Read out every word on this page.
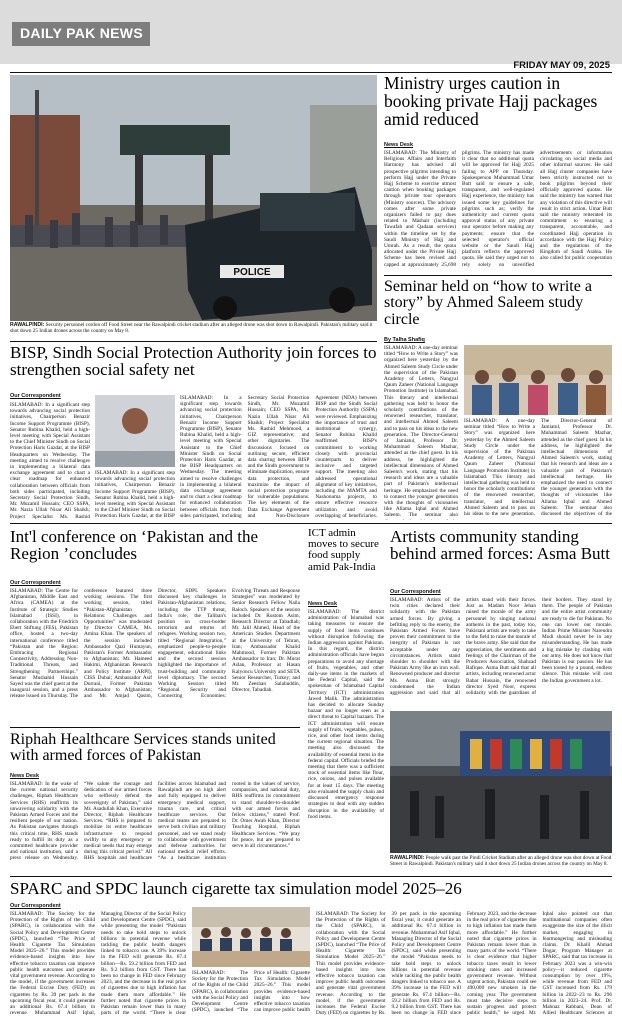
DAILY PAK NEWS
FRIDAY MAY 09, 2025
POLICE
RAWALPINDI: Security personnel cordon off Food Street near the Rawalpindi cricket stadium after an alleged drone was shot down in Rawalpindi. Pakistan's military said it shot down 25 Indian drones across the country on May 8.
Ministry urges caution in booking private Hajj packages amid reduced
News Desk
ISLAMABAD: The Ministry of Religious Affairs and Interfaith Harmony has advised all prospective pilgrims intending to perform Hajj under the Private Hajj Scheme to exercise utmost caution when booking packages through private tour operators (Ministry sources). The advisory comes after some private organizers failed to pay dues related to Mashair (including Tawafah and Qadaan services) within the timeline set by the Saudi Ministry of Hajj and Umrah. As a result, the quota allocated under the Private Hajj Scheme has been revised and capped at approximately 25,698 pilgrims. The ministry has made it clear that no additional quota will be approved for Hajj 2025 failing to APP on Thursday. Spokesperson Muhammad Umar Butt said to ensure a safe, transparent, and well-regulated Hajj experience, the ministry has issued some key guidelines for pilgrims such as; verify the authenticity and current quota approval status of any private tour operator before making any payments; ensure that the selected operator's official website or the Saudi Hajj platform reflects the approved quota. He said they urged not to rely solely on unverified advertisements or information circulating on social media and other informal sources. He said all Hajj cluster companies have been strictly instructed not to book pilgrims beyond their officially approved quotas. He said the ministry has warned that any violation of this directive will result in strict action. Umar Butt said the ministry reiterated its commitment to ensuring a transparent, accountable, and coordinated Hajj operation in accordance with the Hajj Policy and the regulations of the Kingdom of Saudi Arabia. He also called for public cooperation
Seminar held on “how to write a story” by Ahmed Saleem study circle
By Talha Shafiq
ISLAMABAD: A one-day seminar titled “How to Write a Story” was organized here yesterday by the Ahmed Saleem Study Circle under the supervision of the Pakistan Academy of Letters, Nangyal Qaum Zaheer (National Language Promotion Institute) in Islamabad. This literary and intellectual gathering was held to honor the scholarly contributions of the renowned researcher, translator, and intellectual Ahmed Saleem and to pass on his ideas to the new generation. The Director-General of Jamiatul, Professor Dr. Muhammad Saleem Mazhar, attended as the chief guest. In his address, he highlighted the intellectual dimensions of Ahmed Saleem's work, stating that his research and ideas are a valuable part of Pakistan's intellectual heritage. He emphasized the need to connect the younger generation with the thoughts of visionaries like Allama Iqbal and Ahmed Saleem. The seminar also
ISLAMABAD: A one-day seminar titled “How to Write a Story” was organized here yesterday by the Ahmed Saleem Study Circle under the supervision of the Pakistan Academy of Letters, Nangyal Qaum Zaheer (National Language Promotion Institute) in Islamabad. This literary and intellectual gathering was held to honor the scholarly contributions of the renowned researcher, translator, and intellectual Ahmed Saleem and to pass on his ideas to the new generation. The Director-General of Jamiatul, Professor Dr. Muhammad Saleem Mazhar, attended as the chief guest. In his address, he highlighted the intellectual dimensions of Ahmed Saleem's work, stating that his research and ideas are a valuable part of Pakistan's intellectual heritage. He emphasized the need to connect the younger generation with the thoughts of visionaries like Allama Iqbal and Ahmed Saleem. The seminar also discussed the objectives of the
BISP, Sindh Social Protection Authority join forces to strengthen social safety net
Our Correspondent
ISLAMABAD: In a significant step towards advancing social protection initiatives, Chairperson Benazir Income Support Programme (BISP), Senator Rubina Khalid, held a high-level meeting with Special Assistant to the Chief Minister Sindh on Social Protection Haris Gazdar, at the BISP Headquarters on Wednesday. The meeting aimed to resolve challenges in implementing a bilateral data exchange agreement and to chart a clear roadmap for enhanced collaboration between officials from both sides participated, including Secretary Social Protection Sindh, Mr. Muzamil Hussain; CEO SSPA, Mr. Nazia Ullah Nisar Ali Shaikh; Project Specialist Ms. Rashid
ISLAMABAD: In a significant step towards advancing social protection initiatives, Chairperson Benazir Income Support Programme (BISP), Senator Rubina Khalid, held a high-level meeting with Special Assistant to the Chief Minister Sindh on Social Protection Haris Gazdar, at the BISP
ISLAMABAD: In a significant step towards advancing social protection initiatives, Chairperson Benazir Income Support Programme (BISP), Senator Rubina Khalid, held a high-level meeting with Special Assistant to the Chief Minister Sindh on Social Protection Haris Gazdar, at the BISP Headquarters on Wednesday. The meeting aimed to resolve challenges in implementing a bilateral data exchange agreement and to chart a clear roadmap for enhanced collaboration between officials from both sides participated, including Secretary Social Protection Sindh, Mr. Muzamil Hussain; CEO SSPA, Mr. Nazia Ullah Nisar Ali Shaikh; Project Specialist Ms. Rashid Mehmood, a GIZ representative; and other dignitaries. The discussions focused on outlining secure, efficient data sharing between BISP and the Sindh government to eliminate duplication, ensure data protection, and maximize the impact of social protection programs for vulnerable populations. The key elements of the Data Exchange Agreement and Non-Disclosure Agreement (NDA) between BISP and the Sindh Social Protection Authority (SSPA) were reviewed. Emphasizing the importance of trust and institutional synergy, Senator Rubina Khalid reaffirmed BISP's commitment to working closely with provincial counterparts to deliver inclusive and targeted support. The meeting also addressed operational alignment of key initiatives, including the MAMTA and Nashonuma projects, to ensure effective resource utilization and avoid overlapping of beneficiaries.
Int'l conference on ‘Pakistan and the Region ’concludes
Our Correspondent
ISLAMABAD: The Centre for Afghanistan, Middle East and Africa (CAMEA) at the Institute of Strategic Studies Islamabad (ISSI), in collaboration with the Friedrich Ebert Stiftung (FES), Pakistan office, hosted a two-day international conference titled “Pakistan and the Region: Embracing Regional Connectivity, Addressing Non-Traditional Threats, and Strengthening Partnerships.” Senator Mushahid Hussain Sayed was the chief guest at the inaugural session, and a press release issued on Thursday. The conference featured three working sessions. The first working session, titled “Pakistan-Afghanistan Relations: Challenges and Opportunities” was moderated by Director CAMEA, Ms. Amina Khan. The speakers of the session included Ambassador Qazi Humayun, Pakistan's Former Ambassador to Afghanistan; Mr. Hameed Hakimi, Afghanistan Research and Policy Institute (ARPI), CISS Dubai; Ambassador Asif Durrani, Former Pakistan Ambassador to Afghanistan; and Mr. Amjad Qasim, Director, SDPI. Speakers discussed key challenges in Pakistan-Afghanistan relations, including the TTP threat, India's role, the Taliban's position on cross-border terrorism and returns of refugees. Working session two, titled “Regional Integration,” emphasized people-to-people engagement, educational links and the second session highlighted the importance of trust-building and community level diplomacy. The second Working Session titled “Regional Security and Connecting Economies: Evolving Threats and Response Strategies” was moderated by Senior Research Fellow Naila Baloch. Speakers of the session included Dr. Rustom Asim, Research Director at Tabadlab; Mr. Jalil Ahmed, Head of the American Studies Department at the University of Tehran, Iran; Ambassador Khalid Mahmood, Former Pakistan Ambassador to Iran; Dr. Murat Aslan, Professor at Hasan Kalyoncu University and SETA Senior Researcher, Turkey; and Mr. Zeeshan Salahuddin, Director, Tabadlab.
ICT admin moves to secure food supply amid Pak-India
News Desk
ISLAMABAD: The district administration of Islamabad was taking measures to ensure the supply of food items continues without disruption following the Indian aggression against Pakistan. In this regard, the district administration officials have begun preparations to avoid any shortage of fruits, vegetables, and other daily-use items in the markets of the Federal Capital, said the spokesman of Islamabad Capital Territory (ICT) administration Jawed Malik. The administration has decided to allocate Sunday bazaar and no longer seen as a direct threat to Capital bazaars. The ICT administration will ensure supply of fruits, vegetables, pulses, rice, and other food items during the current regional situation. The meeting also discussed the availability of essential items in the federal capital. Officials briefed the meeting that there was a sufficient stock of essential items like flour, rice, onions, and pulses available for at least 15 days. The meeting also evaluated the supply chain and discussed emergency response strategies to deal with any sudden disruption in the availability of food items.
Artists community standing behind armed forces: Asma Butt
Our Correspondent
ISLAMABAD: Artists of the twin cities declared their solidarity with the Pakistan armed forces. By giving a befitting reply to the enemy, the Pakistan Armed Forces have proven their commitment to the integrity of Pakistan is not acceptable under any circumstances. Artists stand shoulder to shoulder with the Pakistan Army like an iron wall. Renowned producer and director Ms. Asma Butt strongly condemned the Indian aggression and said that all artists stand with their forces. Just as Madam Noor Jehan raised the morale of the army personnel by singing national anthems in the past, today too, Pakistani artists are ready to take to the field to raise the morale of the brave army. She said that the appreciation, the sentiments and feelings of the Chairman of the Producers Association, Shahzad Rafique. Asma Butt said that all artists, including renowned actor Babar Hussain, the renowned director Syed Noor, express solidarity with the guardians of their borders. They stand by them. The people of Pakistan and the entire artist community are ready to die for Pakistan. No one can lower our morale. Indian Prime Minister Narendra Modi should never be in any misunderstanding. He has made a big mistake by clashing with our army. He does not know that Pakistan is our passion. He has been tossed by a pound, endless silence. This mistake will cost the Indian government a lot.
RAWALPINDI: People walk past the Pindi Cricket Stadium after an alleged drone was shot down at Food Street in Rawalpindi. Pakistan's military said it shot down 25 Indian drones across the country on May 8.
Riphah Healthcare Services stands united with armed forces of Pakistan
News Desk
ISLAMABAD: In the wake of the current national security challenges, Riphah Healthcare Services (RHS) reaffirms its unwavering solidarity with the Pakistan Armed Forces and the resilient people of our nation. As Pakistan navigates through this critical time, RHS stands ready to fulfill its duty as a committed healthcare provider and national institution, said a press release on Wednesday. “We salute the courage and dedication of our armed forces who selflessly defend the sovereignty of Pakistan,” said Mr. Asadullah Khan, Executive Director, Riphah Healthcare Services. “RHS is prepared to mobilize its entire healthcare infrastructure to respond swiftly to any emergency or medical needs that may emerge during this critical period.” All RHS hospitals and healthcare facilities across Islamabad and Rawalpindi are on high alert and fully equipped to deliver emergency medical support, trauma care, and critical healthcare services. Our medical teams are prepared to serve both civilian and military personnel, and we stand ready to collaborate with government and defense authorities for national medical relief efforts. “As a healthcare institution rooted in the values of service, compassion, and national duty, RHS reaffirms its commitment to stand shoulder-to-shoulder with our armed forces and fellow citizens,” stated Prof. Dr. Omer Awab Khan, Director Teaching Hospital, Riphah Healthcare Services. “We pray for peace, but are prepared to serve in all circumstances.”
SPARC and SPDC launch cigarette tax simulation model 2025–26
Our Correspondent
ISLAMABAD: The Society for the Protection of the Rights of the Child (SPARC), in collaboration with the Social Policy and Development Centre (SPDC), launched “The Price of Health: Cigarette Tax Simulation Model 2025–26.” This model provides evidence-based insights into how effective tobacco taxation can improve public health outcomes and generate vital government revenue. According to the model, if the government increases the Federal Excise Duty (FED) on cigarettes by Rs. 39 per pack in the upcoming fiscal year, it could generate an additional Rs. 67.4 billion in revenue. Muhammad Asif Iqbal, Managing Director of the Social Policy and Development Centre (SPDC), said while presenting the model “Pakistan needs to take bold steps to unlock billions in potential revenue while tackling the public health dangers linked to tobacco use. A 39% increase in the FED will generate Rs. 67.4 billion—Rs. 59.2 billion from FED and Rs. 9.2 billion from GST. There has been no change in FED since February 2023, and the decrease in the real price of cigarettes due to high inflation has made them more affordable.” He further noted that cigarette prices in Pakistan remain lower than in many parts of the world. “There is clear
ISLAMABAD: The Society for the Protection of the Rights of the Child (SPARC), in collaboration with the Social Policy and Development Centre (SPDC), launched “The Price of Health: Cigarette Tax Simulation Model 2025–26.” This model provides evidence-based insights into how effective tobacco taxation can improve public health
ISLAMABAD: The Society for the Protection of the Rights of the Child (SPARC), in collaboration with the Social Policy and Development Centre (SPDC), launched “The Price of Health: Cigarette Tax Simulation Model 2025–26.” This model provides evidence-based insights into how effective tobacco taxation can improve public health outcomes and generate vital government revenue. According to the model, if the government increases the Federal Excise Duty (FED) on cigarettes by Rs. 39 per pack in the upcoming fiscal year, it could generate an additional Rs. 67.4 billion in revenue. Muhammad Asif Iqbal, Managing Director of the Social Policy and Development Centre (SPDC), said while presenting the model “Pakistan needs to take bold steps to unlock billions in potential revenue while tackling the public health dangers linked to tobacco use. A 39% increase in the FED will generate Rs. 67.4 billion—Rs. 59.2 billion from FED and Rs. 9.2 billion from GST. There has been no change in FED since February 2023, and the decrease in the real price of cigarettes due to high inflation has made them more affordable.” He further noted that cigarette prices in Pakistan remain lower than in many parts of the world. “There is clear evidence that higher tobacco taxes result in lower smoking rates and increased government revenue. Without urgent action, Pakistan could see 490,000 new smokers in the coming year. The government must take decisive steps to sustain progress and protect public health,” he urged. Mr. Iqbal also pointed out that multinational companies often exaggerate the size of the illicit market, engaging in fearmongering and misleading claims. Dr. Khalil Ahmad Dogar, Program Manager at SPARC, said that tax increase in February 2023 was a win-win policy—it reduced cigarette consumption by over 19%, while revenue from FED and GST increased from Rs. 179 billion in 2022–23 to Rs. 296 billion in 2023–24. Prof. Dr. Mahnaz Rabbani, Dean of Allied Healthcare Sciences at
